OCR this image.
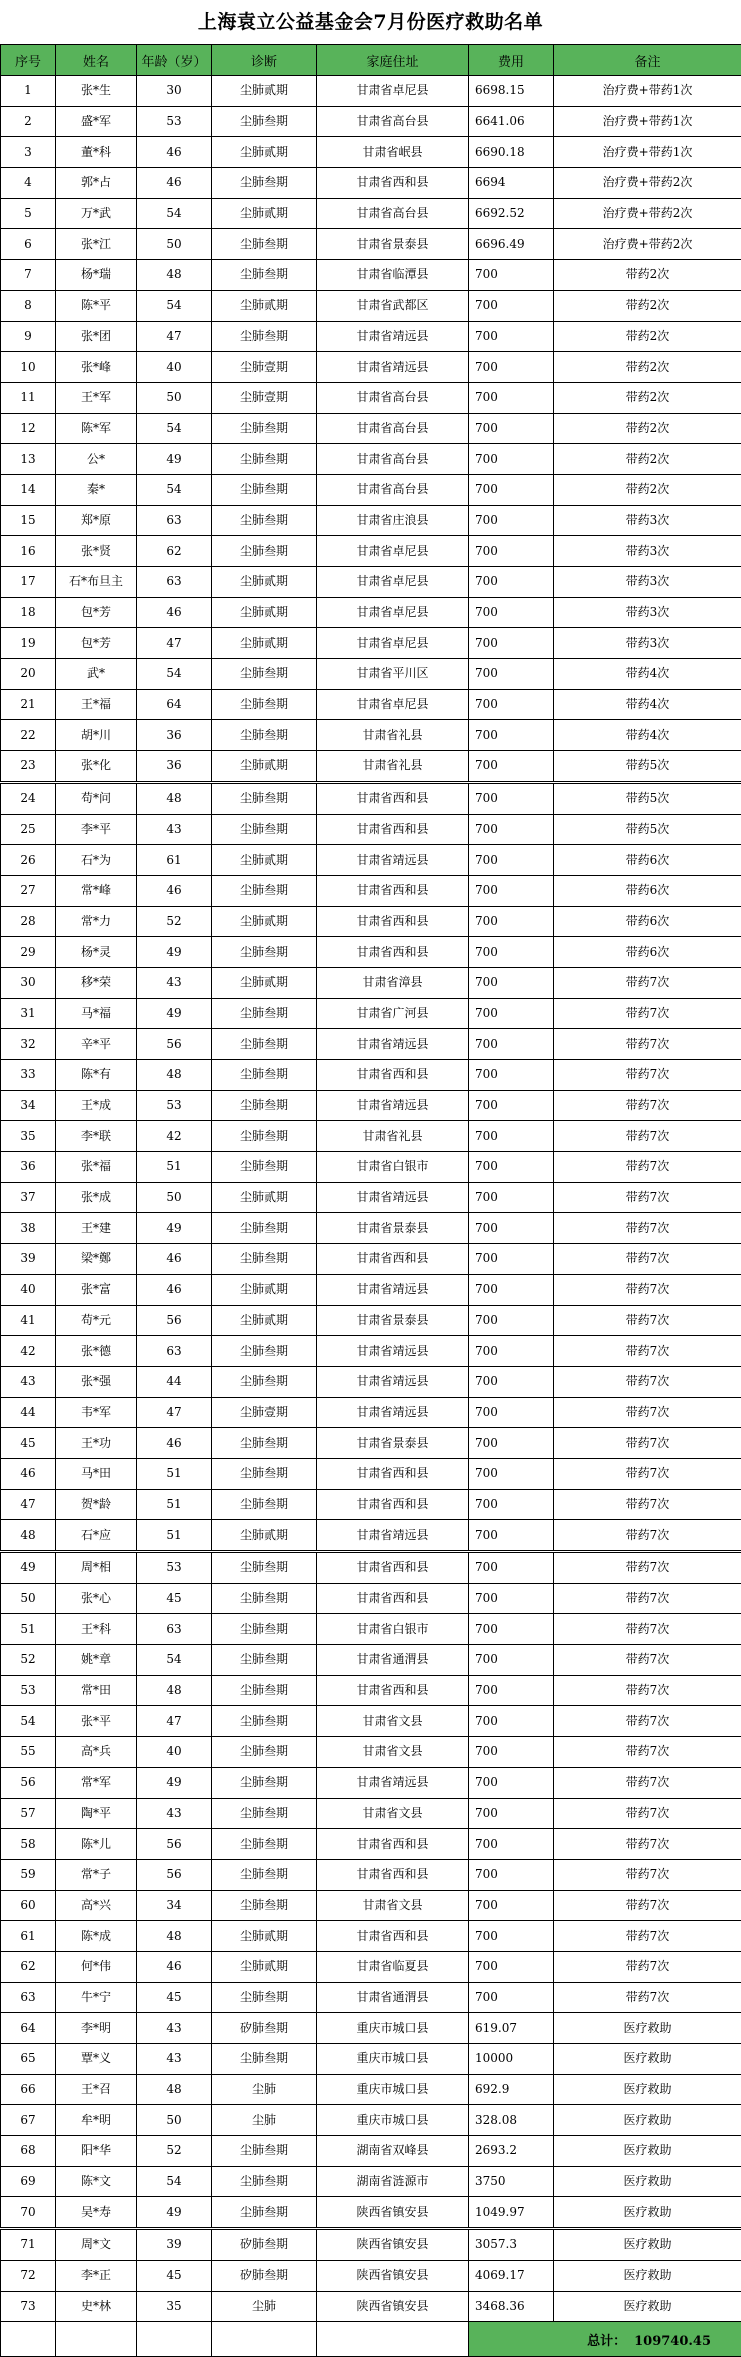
上海袁立公益基金会7月份医疗救助名单
序号	姓名	年龄（岁）	诊断	家庭住址	费用	备注
1	张*生	30	尘肺贰期	甘肃省卓尼县	6698.15	治疗费+带药1次
2	盛*军	53	尘肺叁期	甘肃省高台县	6641.06	治疗费+带药1次
3	董*科	46	尘肺贰期	甘肃省岷县	6690.18	治疗费+带药1次
4	郭*占	46	尘肺叁期	甘肃省西和县	6694	治疗费+带药2次
5	万*武	54	尘肺贰期	甘肃省高台县	6692.52	治疗费+带药2次
6	张*江	50	尘肺叁期	甘肃省景泰县	6696.49	治疗费+带药2次
7	杨*瑞	48	尘肺叁期	甘肃省临潭县	700	带药2次
8	陈*平	54	尘肺贰期	甘肃省武都区	700	带药2次
9	张*团	47	尘肺叁期	甘肃省靖远县	700	带药2次
10	张*峰	40	尘肺壹期	甘肃省靖远县	700	带药2次
11	王*军	50	尘肺壹期	甘肃省高台县	700	带药2次
12	陈*军	54	尘肺叁期	甘肃省高台县	700	带药2次
13	公*	49	尘肺叁期	甘肃省高台县	700	带药2次
14	秦*	54	尘肺叁期	甘肃省高台县	700	带药2次
15	郑*原	63	尘肺叁期	甘肃省庄浪县	700	带药3次
16	张*贤	62	尘肺叁期	甘肃省卓尼县	700	带药3次
17	石*布旦主	63	尘肺贰期	甘肃省卓尼县	700	带药3次
18	包*芳	46	尘肺贰期	甘肃省卓尼县	700	带药3次
19	包*芳	47	尘肺贰期	甘肃省卓尼县	700	带药3次
20	武*	54	尘肺叁期	甘肃省平川区	700	带药4次
21	王*福	64	尘肺叁期	甘肃省卓尼县	700	带药4次
22	胡*川	36	尘肺叁期	甘肃省礼县	700	带药4次
23	张*化	36	尘肺贰期	甘肃省礼县	700	带药5次
24	苟*问	48	尘肺叁期	甘肃省西和县	700	带药5次
25	李*平	43	尘肺叁期	甘肃省西和县	700	带药5次
26	石*为	61	尘肺贰期	甘肃省靖远县	700	带药6次
27	常*峰	46	尘肺叁期	甘肃省西和县	700	带药6次
28	常*力	52	尘肺贰期	甘肃省西和县	700	带药6次
29	杨*灵	49	尘肺叁期	甘肃省西和县	700	带药6次
30	移*荣	43	尘肺贰期	甘肃省漳县	700	带药7次
31	马*福	49	尘肺叁期	甘肃省广河县	700	带药7次
32	辛*平	56	尘肺叁期	甘肃省靖远县	700	带药7次
33	陈*有	48	尘肺叁期	甘肃省西和县	700	带药7次
34	王*成	53	尘肺叁期	甘肃省靖远县	700	带药7次
35	李*联	42	尘肺叁期	甘肃省礼县	700	带药7次
36	张*福	51	尘肺叁期	甘肃省白银市	700	带药7次
37	张*成	50	尘肺贰期	甘肃省靖远县	700	带药7次
38	王*建	49	尘肺叁期	甘肃省景泰县	700	带药7次
39	梁*鄭	46	尘肺叁期	甘肃省西和县	700	带药7次
40	张*富	46	尘肺贰期	甘肃省靖远县	700	带药7次
41	苟*元	56	尘肺贰期	甘肃省景泰县	700	带药7次
42	张*德	63	尘肺叁期	甘肃省靖远县	700	带药7次
43	张*强	44	尘肺叁期	甘肃省靖远县	700	带药7次
44	韦*军	47	尘肺壹期	甘肃省靖远县	700	带药7次
45	王*功	46	尘肺叁期	甘肃省景泰县	700	带药7次
46	马*田	51	尘肺叁期	甘肃省西和县	700	带药7次
47	贺*龄	51	尘肺叁期	甘肃省西和县	700	带药7次
48	石*应	51	尘肺贰期	甘肃省靖远县	700	带药7次
49	周*相	53	尘肺叁期	甘肃省西和县	700	带药7次
50	张*心	45	尘肺叁期	甘肃省西和县	700	带药7次
51	王*科	63	尘肺叁期	甘肃省白银市	700	带药7次
52	姚*章	54	尘肺叁期	甘肃省通渭县	700	带药7次
53	常*田	48	尘肺叁期	甘肃省西和县	700	带药7次
54	张*平	47	尘肺叁期	甘肃省文县	700	带药7次
55	高*兵	40	尘肺叁期	甘肃省文县	700	带药7次
56	常*军	49	尘肺叁期	甘肃省靖远县	700	带药7次
57	陶*平	43	尘肺叁期	甘肃省文县	700	带药7次
58	陈*儿	56	尘肺叁期	甘肃省西和县	700	带药7次
59	常*子	56	尘肺叁期	甘肃省西和县	700	带药7次
60	高*兴	34	尘肺叁期	甘肃省文县	700	带药7次
61	陈*成	48	尘肺贰期	甘肃省西和县	700	带药7次
62	何*伟	46	尘肺贰期	甘肃省临夏县	700	带药7次
63	牛*宁	45	尘肺叁期	甘肃省通渭县	700	带药7次
64	李*明	43	矽肺叁期	重庆市城口县	619.07	医疗救助
65	覃*义	43	尘肺叁期	重庆市城口县	10000	医疗救助
66	王*召	48	尘肺	重庆市城口县	692.9	医疗救助
67	牟*明	50	尘肺	重庆市城口县	328.08	医疗救助
68	阳*华	52	尘肺叁期	湖南省双峰县	2693.2	医疗救助
69	陈*文	54	尘肺叁期	湖南省涟源市	3750	医疗救助
70	吴*寿	49	尘肺叁期	陕西省镇安县	1049.97	医疗救助
71	周*文	39	矽肺叁期	陕西省镇安县	3057.3	医疗救助
72	李*正	45	矽肺叁期	陕西省镇安县	4069.17	医疗救助
73	史*林	35	尘肺	陕西省镇安县	3468.36	医疗救助
					总计： 109740.45	
